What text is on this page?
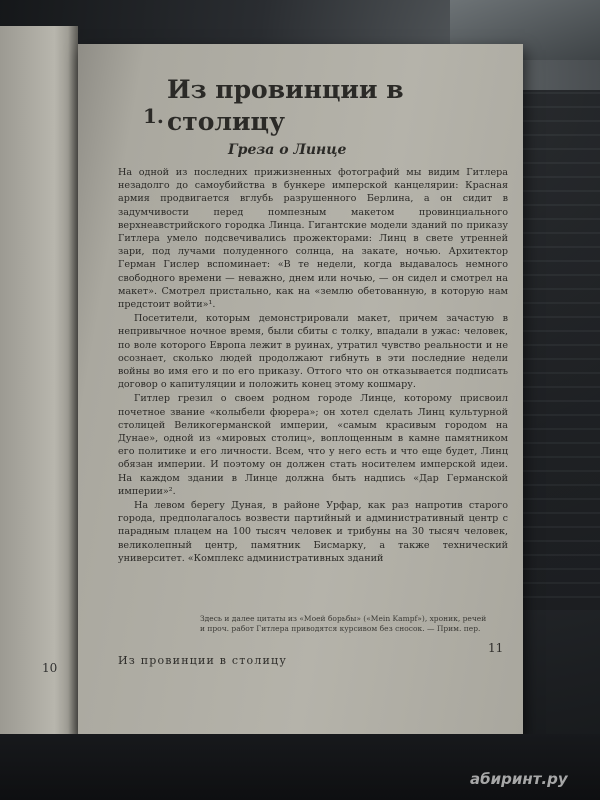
10
1.
Из провинции в столицу
Греза о Линце

На одной из последних прижизненных фотографий мы видим Гитлера незадолго до самоубийства в бункере имперской канцелярии: Красная армия продвигается вглубь разрушенного Берлина, а он сидит в задумчивости перед помпезным макетом провинциального верхнеавстрийского городка Линца. Гигантские модели зданий по приказу Гитлера умело подсвечивались прожекторами: Линц в свете утренней зари, под лучами полуденного солнца, на закате, ночью. Архитектор Герман Гислер вспоминает: «В те недели, когда выдавалось немного свободного времени — неважно, днем или ночью, — он сидел и смотрел на макет». Смотрел пристально, как на «землю обетованную, в которую нам предстоит войти»¹.

Посетители, которым демонстрировали макет, причем зачастую в непривычное ночное время, были сбиты с толку, впадали в ужас: человек, по воле которого Европа лежит в руинах, утратил чувство реальности и не осознает, сколько людей продолжают гибнуть в эти последние недели войны во имя его и по его приказу. Оттого что он отказывается подписать договор о капитуляции и положить конец этому кошмару.

Гитлер грезил о своем родном городе Линце, которому присвоил почетное звание «колыбели фюрера»; он хотел сделать Линц культурной столицей Великогерманской империи, «самым красивым городом на Дунае», одной из «мировых столиц», воплощенным в камне памятником его политике и его личности. Всем, что у него есть и что еще будет, Линц обязан империи. И поэтому он должен стать носителем имперской идеи. На каждом здании в Линце должна быть надпись «Дар Германской империи»².

На левом берегу Дуная, в районе Урфар, как раз напротив старого города, предполагалось возвести партийный и административный центр с парадным плацем на 100 тысяч человек и трибуны на 30 тысяч человек, великолепный центр, памятник Бисмарку, а также технический университет. «Комплекс административных зданий

Здесь и далее цитаты из «Моей борьбы» («Mein Kampf»), хроник, речей и проч. работ Гитлера приводятся курсивом без сносок. — Прим. пер.
Из провинции в столицу
11
абиринт.ру
